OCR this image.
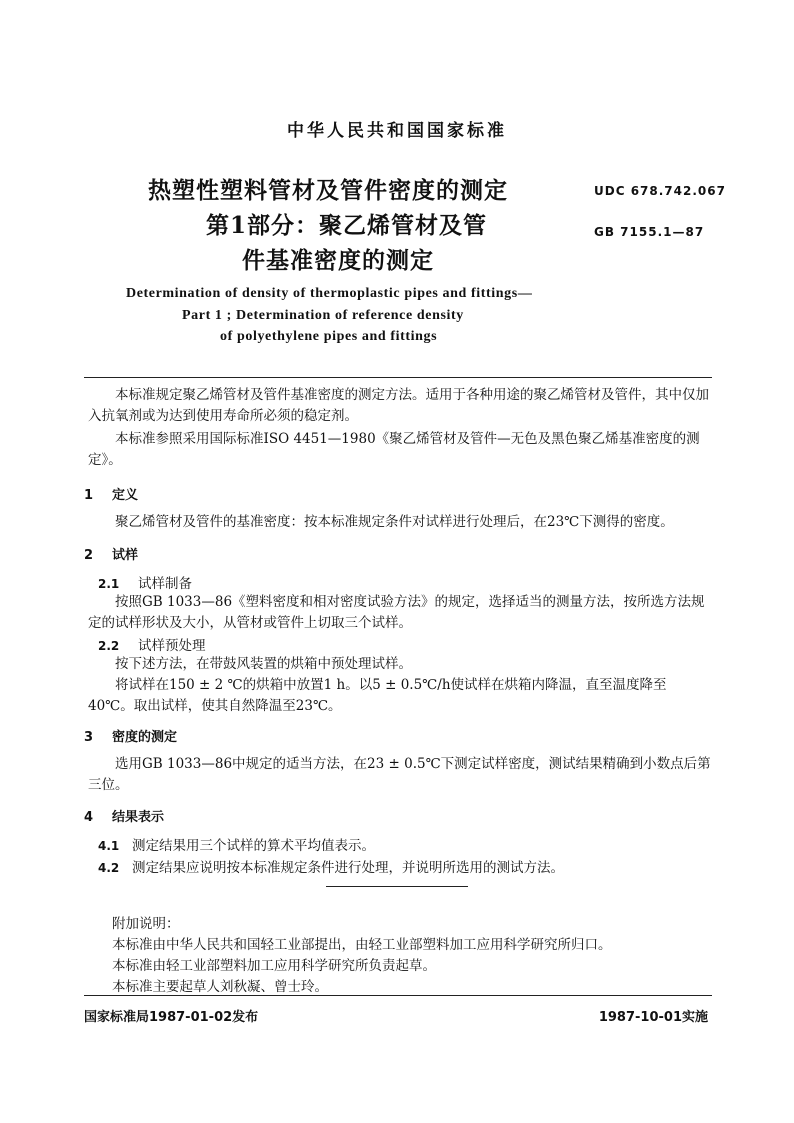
中华人民共和国国家标准
热塑性塑料管材及管件密度的测定
第1部分：聚乙烯管材及管
件基准密度的测定
UDC 678.742.067
GB 7155.1—87
Determination of density of thermoplastic pipes and fittings—
Part 1 ; Determination of reference density
of polyethylene pipes and fittings
本标准规定聚乙烯管材及管件基准密度的测定方法。适用于各种用途的聚乙烯管材及管件，其中仅加入抗氧剂或为达到使用寿命所必须的稳定剂。
本标准参照采用国际标准ISO 4451—1980《聚乙烯管材及管件—无色及黑色聚乙烯基准密度的测定》。
1 定义
聚乙烯管材及管件的基准密度：按本标准规定条件对试样进行处理后，在23℃下测得的密度。
2 试样
2.1 试样制备
按照GB 1033—86《塑料密度和相对密度试验方法》的规定，选择适当的测量方法，按所选方法规定的试样形状及大小，从管材或管件上切取三个试样。
2.2 试样预处理
按下述方法，在带鼓风装置的烘箱中预处理试样。
将试样在150 ± 2 ℃的烘箱中放置1 h。以5 ± 0.5℃/h使试样在烘箱内降温，直至温度降至40℃。取出试样，使其自然降温至23℃。
3 密度的测定
选用GB 1033—86中规定的适当方法，在23 ± 0.5℃下测定试样密度，测试结果精确到小数点后第三位。
4 结果表示
4.1 测定结果用三个试样的算术平均值表示。
4.2 测定结果应说明按本标准规定条件进行处理，并说明所选用的测试方法。
附加说明：
本标准由中华人民共和国轻工业部提出，由轻工业部塑料加工应用科学研究所归口。
本标准由轻工业部塑料加工应用科学研究所负责起草。
本标准主要起草人刘秋凝、曾士玲。
国家标准局1987-01-02发布	1987-10-01实施
